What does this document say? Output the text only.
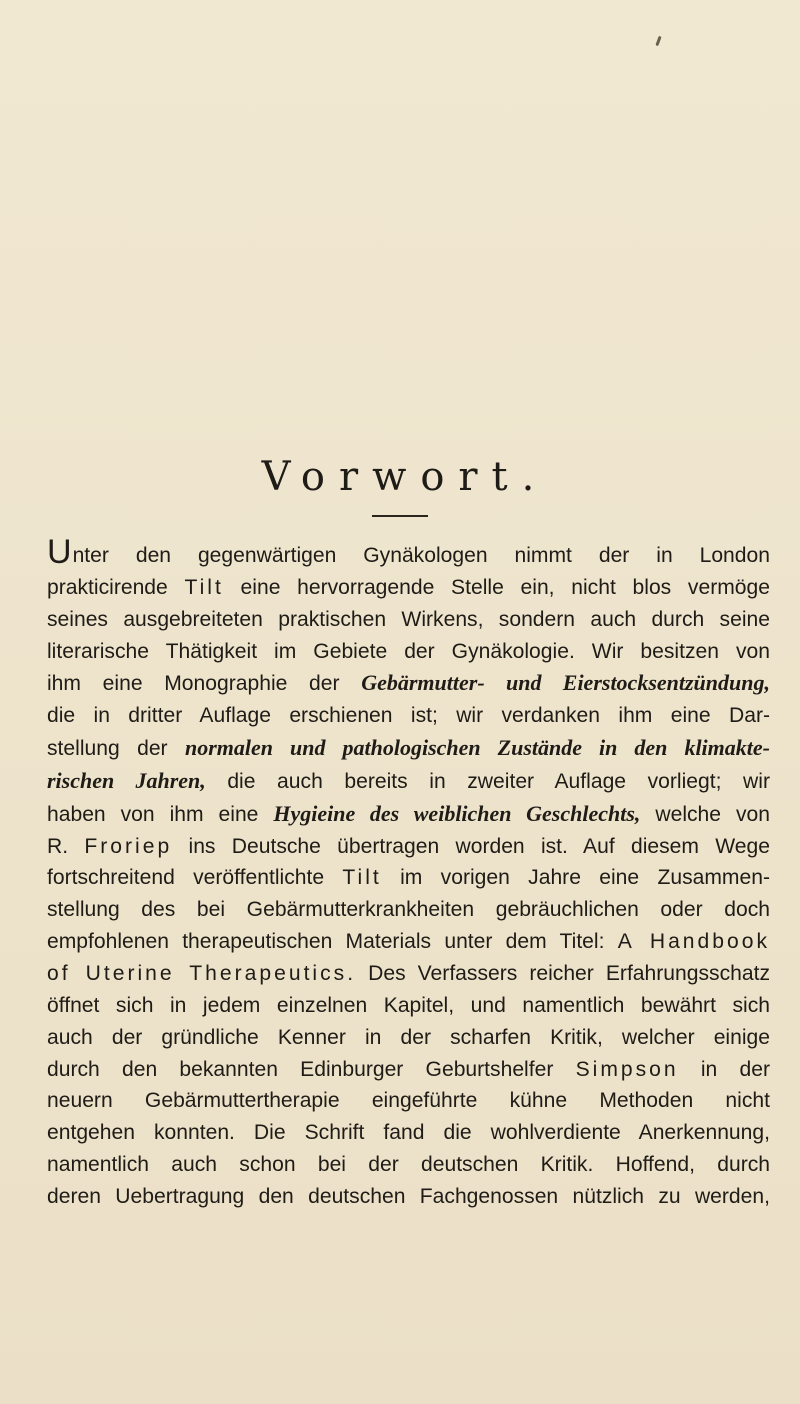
Vorwort.
Unter den gegenwärtigen Gynäkologen nimmt der in London
prakticirende Tilt eine hervorragende Stelle ein, nicht blos vermöge
seines ausgebreiteten praktischen Wirkens, sondern auch durch seine
literarische Thätigkeit im Gebiete der Gynäkologie. Wir besitzen von
ihm eine Monographie der Gebärmutter- und Eierstocksentzündung,
die in dritter Auflage erschienen ist; wir verdanken ihm eine Dar-
stellung der normalen und pathologischen Zustände in den klimakte-
rischen Jahren, die auch bereits in zweiter Auflage vorliegt; wir
haben von ihm eine Hygieine des weiblichen Geschlechts, welche von
R. Froriep ins Deutsche übertragen worden ist. Auf diesem Wege
fortschreitend veröffentlichte Tilt im vorigen Jahre eine Zusammen-
stellung des bei Gebärmutterkrankheiten gebräuchlichen oder doch
empfohlenen therapeutischen Materials unter dem Titel: A Handbook
of Uterine Therapeutics. Des Verfassers reicher Erfahrungsschatz
öffnet sich in jedem einzelnen Kapitel, und namentlich bewährt sich
auch der gründliche Kenner in der scharfen Kritik, welcher einige
durch den bekannten Edinburger Geburtshelfer Simpson in der
neuern Gebärmuttertherapie eingeführte kühne Methoden nicht
entgehen konnten. Die Schrift fand die wohlverdiente Anerkennung,
namentlich auch schon bei der deutschen Kritik. Hoffend, durch
deren Uebertragung den deutschen Fachgenossen nützlich zu werden,
